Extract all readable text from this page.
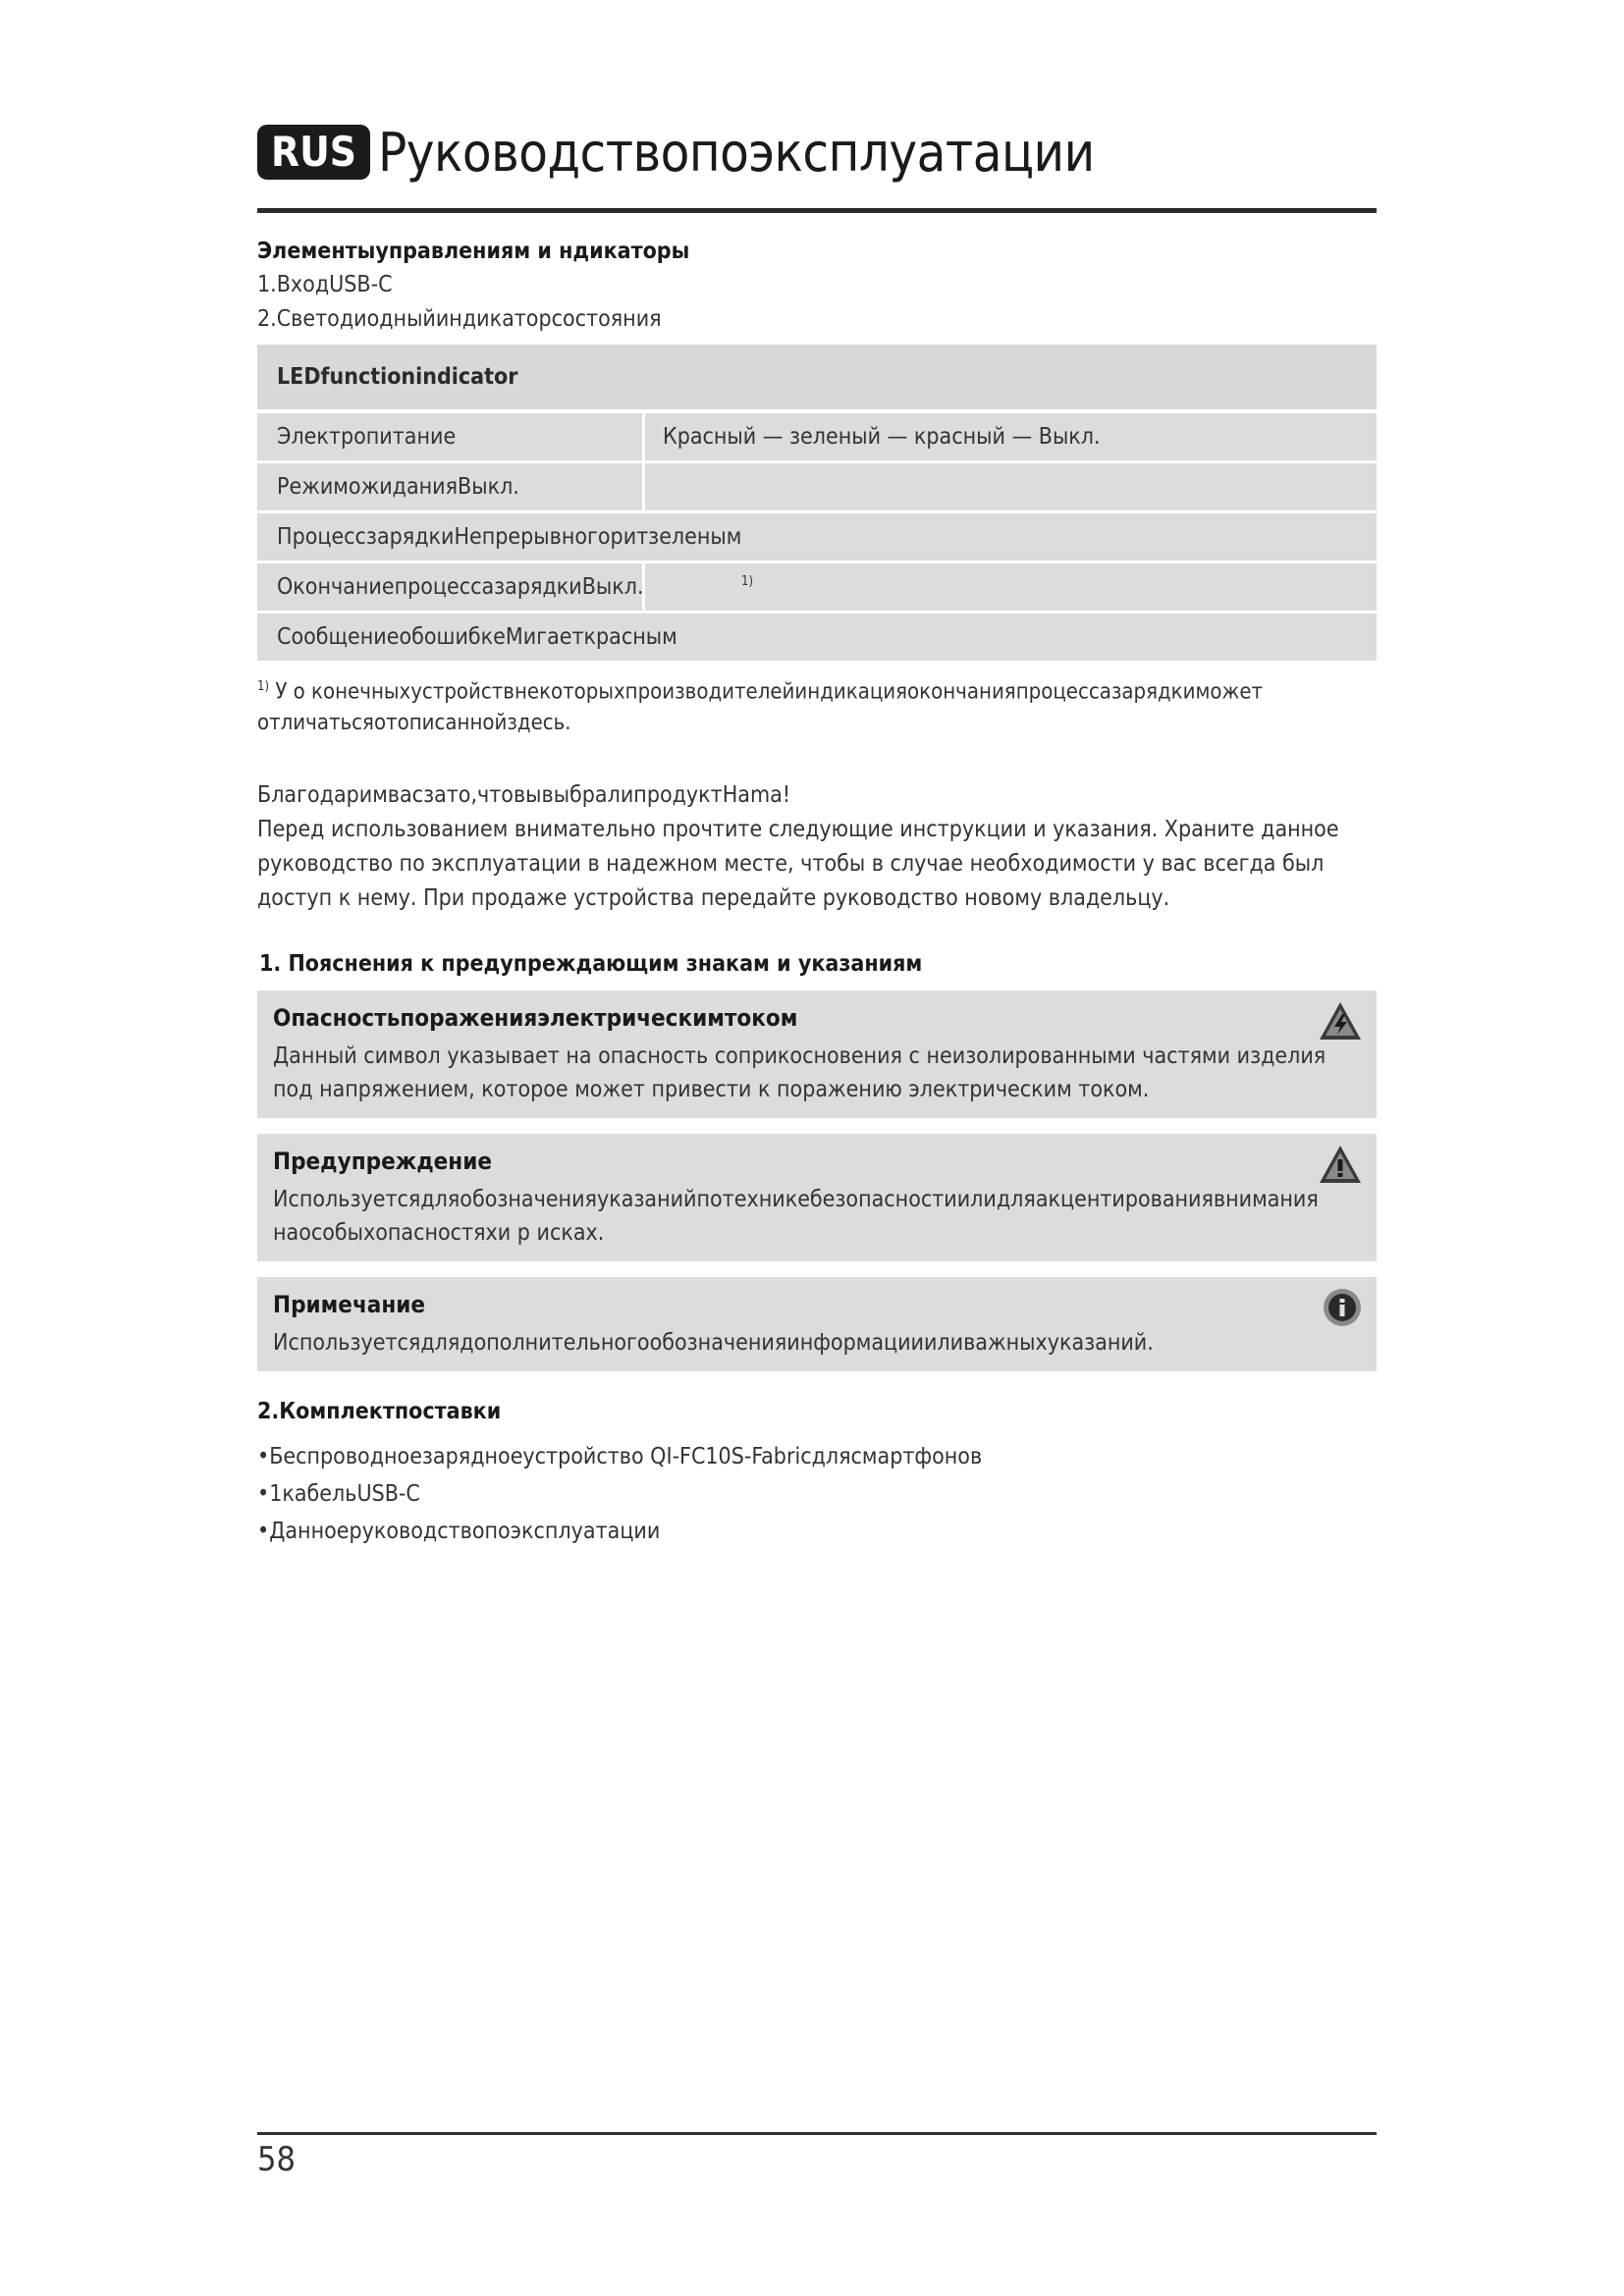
RUS Руководствопоэксплуатации
Элементыуправлениям и ндикаторы
1.ВходUSB-C
2.Светодиодныйиндикаторсостояния
LEDfunctionindicator
Электропитание	Красный — зеленый — красный — Выкл.
РежиможиданияВыкл.
ПроцессзарядкиНепрерывногоритзеленым
ОкончаниепроцессазарядкиВыкл.	1)
СообщениеобошибкеМигаеткрасным
$^{1)}$ У о конечныхустройствнекоторыхпроизводителейиндикацияокончанияпроцессазарядкиможет отличатьсяотописаннойздесь.
Благодаримвасзато,чтовывыбралипродуктHama!
Перед использованием внимательно прочтите следующие инструкции и указания. Храните данное руководство по эксплуатации в надежном месте, чтобы в случае необходимости у вас всегда был доступ к нему. При продаже устройства передайте руководство новому владельцу.
1. Пояснения к предупреждающим знакам и указаниям
Опасностьпораженияэлектрическимтоком
Данный символ указывает на опасность соприкосновения с неизолированными частями изделия под напряжением, которое может привести к поражению электрическим током.
Предупреждение
Используетсядляобозначенияуказанийпотехникебезопасностиилидляакцентированиявнимания наособыхопасностяхи р исках.
Примечание
Используетсядлядополнительногообозначенияинформациииливажныхуказаний.
2.Комплектпоставки
•Беспроводноезарядноеустройство QI-FC10S-Fabricдлясмартфонов
•1кабельUSB-C
•Данноеруководствопоэксплуатации
58
